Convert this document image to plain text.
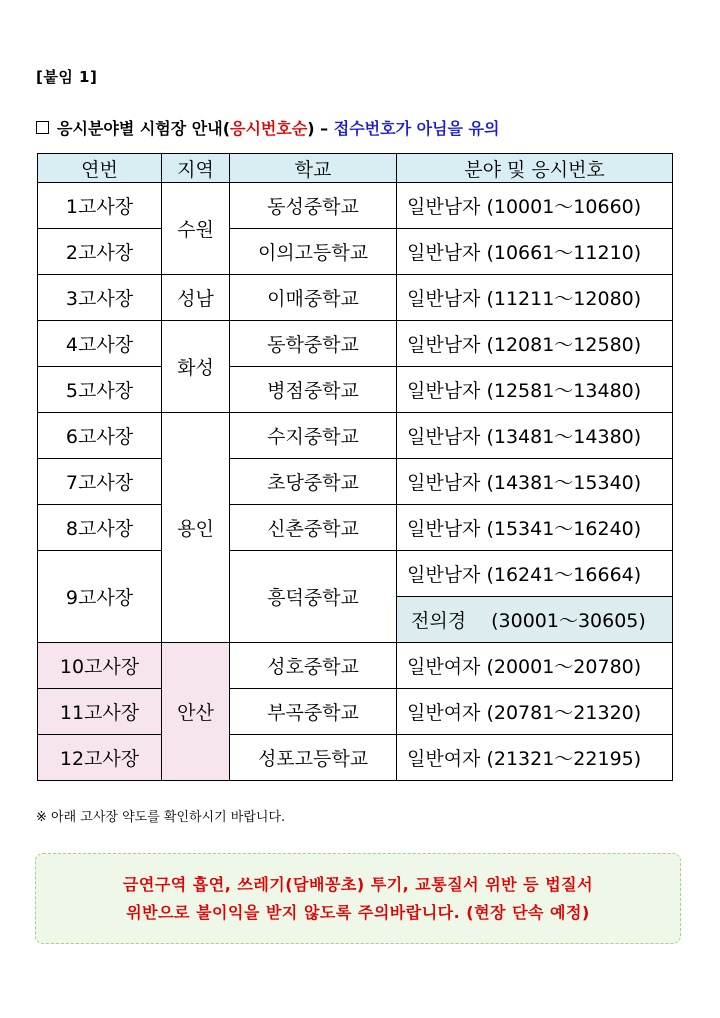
[붙임 1]
응시분야별 시험장 안내(응시번호순) – 접수번호가 아님을 유의
연번	지역	학교	분야 및 응시번호
1고사장	수원	동성중학교	일반남자 (10001～10660)
2고사장		이의고등학교	일반남자 (10661～11210)
3고사장	성남	이매중학교	일반남자 (11211～12080)
4고사장	화성	동학중학교	일반남자 (12081～12580)
5고사장		병점중학교	일반남자 (12581～13480)
6고사장	용인	수지중학교	일반남자 (13481～14380)
7고사장		초당중학교	일반남자 (14381～15340)
8고사장		신촌중학교	일반남자 (15341～16240)
9고사장		흥덕중학교	일반남자 (16241～16664)
			전의경　 (30001～30605)
10고사장	안산	성호중학교	일반여자 (20001～20780)
11고사장		부곡중학교	일반여자 (20781～21320)
12고사장		성포고등학교	일반여자 (21321～22195)
※ 아래 고사장 약도를 확인하시기 바랍니다.
금연구역 흡연, 쓰레기(담배꽁초) 투기, 교통질서 위반 등 법질서
위반으로 불이익을 받지 않도록 주의바랍니다. (현장 단속 예정)
